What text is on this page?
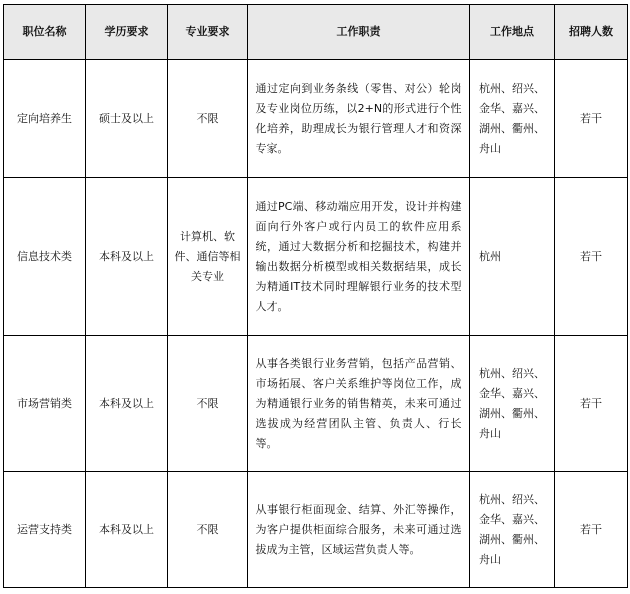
职位名称	学历要求	专业要求	工作职责	工作地点	招聘人数
定向培养生	硕士及以上	不限	通过定向到业务条线（零售、对公）轮岗及专业岗位历练，以2+N的形式进行个性化培养，助理成长为银行管理人才和资深专家。	杭州、绍兴、金华、嘉兴、湖州、衢州、舟山	若干
信息技术类	本科及以上	计算机、软件、通信等相关专业	通过PC端、移动端应用开发，设计并构建面向行外客户或行内员工的软件应用系统，通过大数据分析和挖掘技术，构建并输出数据分析模型或相关数据结果，成长为精通IT技术同时理解银行业务的技术型人才。	杭州	若干
市场营销类	本科及以上	不限	从事各类银行业务营销，包括产品营销、市场拓展、客户关系维护等岗位工作，成为精通银行业务的销售精英，未来可通过选拔成为经营团队主管、负责人、行长等。	杭州、绍兴、金华、嘉兴、湖州、衢州、舟山	若干
运营支持类	本科及以上	不限	从事银行柜面现金、结算、外汇等操作，为客户提供柜面综合服务，未来可通过选拔成为主管，区域运营负责人等。	杭州、绍兴、金华、嘉兴、湖州、衢州、舟山	若干
